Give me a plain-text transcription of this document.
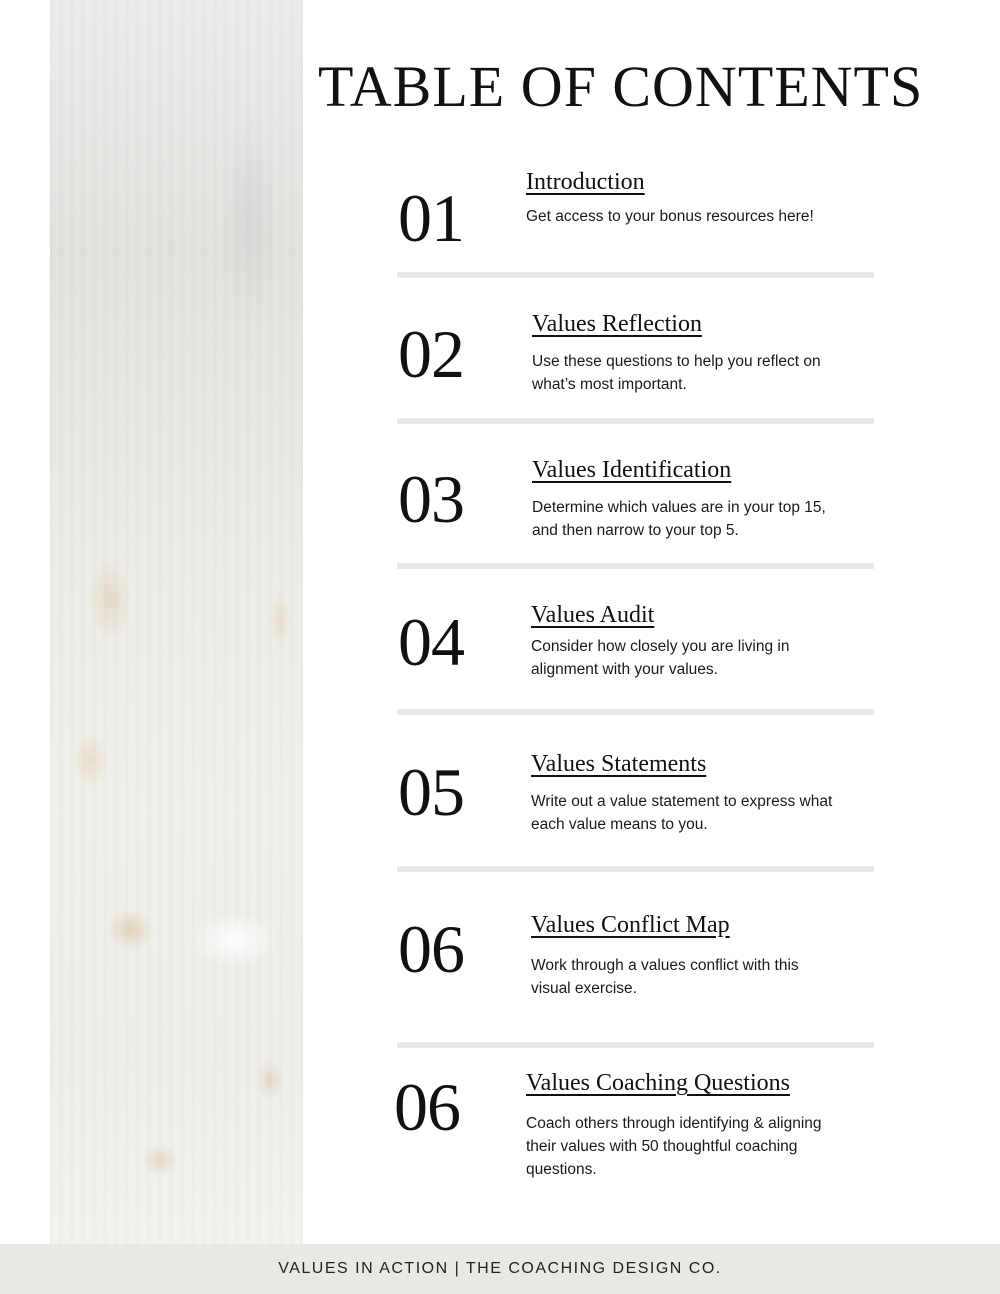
TABLE OF CONTENTS
01	Introduction
Get access to your bonus resources here!
02	Values Reflection
Use these questions to help you reflect on what’s most important.
03	Values Identification
Determine which values are in your top 15, and then narrow to your top 5.
04	Values Audit
Consider how closely you are living in alignment with your values.
05	Values Statements
Write out a value statement to express what each value means to you.
06	Values Conflict Map
Work through a values conflict with this visual exercise.
06	Values Coaching Questions
Coach others through identifying & aligning their values with 50 thoughtful coaching questions.
VALUES IN ACTION | THE COACHING DESIGN CO.
